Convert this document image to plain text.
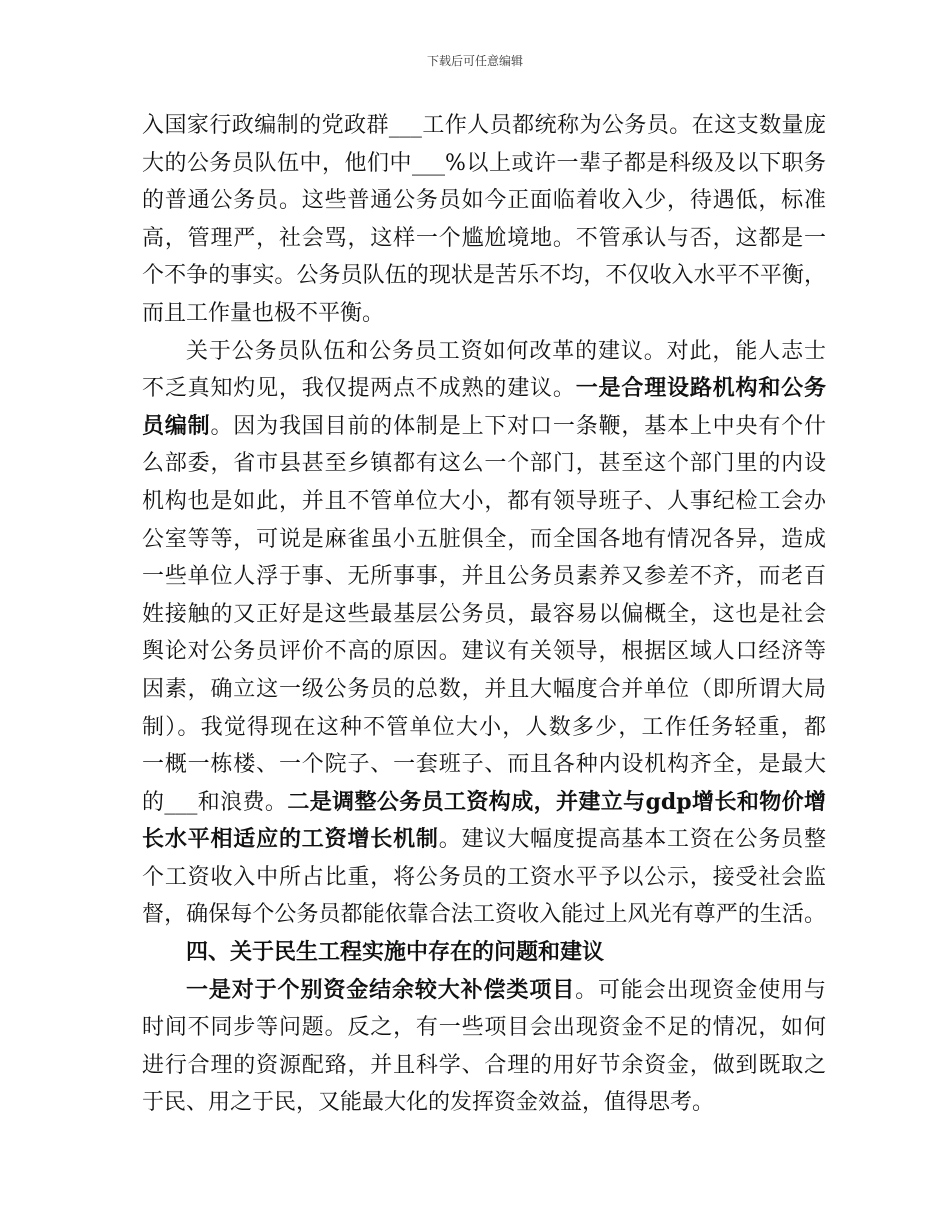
下载后可任意编辑
入国家行政编制的党政群___工作人员都统称为公务员。在这支数量庞
大的公务员队伍中，他们中___%以上或许一辈子都是科级及以下职务
的普通公务员。这些普通公务员如今正面临着收入少，待遇低，标准
高，管理严，社会骂，这样一个尴尬境地。不管承认与否，这都是一
个不争的事实。公务员队伍的现状是苦乐不均，不仅收入水平不平衡，
而且工作量也极不平衡。
关于公务员队伍和公务员工资如何改革的建议。对此，能人志士
不乏真知灼见，我仅提两点不成熟的建议。一是合理设路机构和公务
员编制。因为我国目前的体制是上下对口一条鞭，基本上中央有个什
么部委，省市县甚至乡镇都有这么一个部门，甚至这个部门里的内设
机构也是如此，并且不管单位大小，都有领导班子、人事纪检工会办
公室等等，可说是麻雀虽小五脏俱全，而全国各地有情况各异，造成
一些单位人浮于事、无所事事，并且公务员素养又参差不齐，而老百
姓接触的又正好是这些最基层公务员，最容易以偏概全，这也是社会
舆论对公务员评价不高的原因。建议有关领导，根据区域人口经济等
因素，确立这一级公务员的总数，并且大幅度合并单位（即所谓大局
制）。我觉得现在这种不管单位大小，人数多少，工作任务轻重，都
一概一栋楼、一个院子、一套班子、而且各种内设机构齐全，是最大
的___和浪费。二是调整公务员工资构成，并建立与gdp增长和物价增
长水平相适应的工资增长机制。建议大幅度提高基本工资在公务员整
个工资收入中所占比重，将公务员的工资水平予以公示，接受社会监
督，确保每个公务员都能依靠合法工资收入能过上风光有尊严的生活。
四、关于民生工程实施中存在的问题和建议
一是对于个别资金结余较大补偿类项目。可能会出现资金使用与
时间不同步等问题。反之，有一些项目会出现资金不足的情况，如何
进行合理的资源配臵，并且科学、合理的用好节余资金，做到既取之
于民、用之于民，又能最大化的发挥资金效益，值得思考。
